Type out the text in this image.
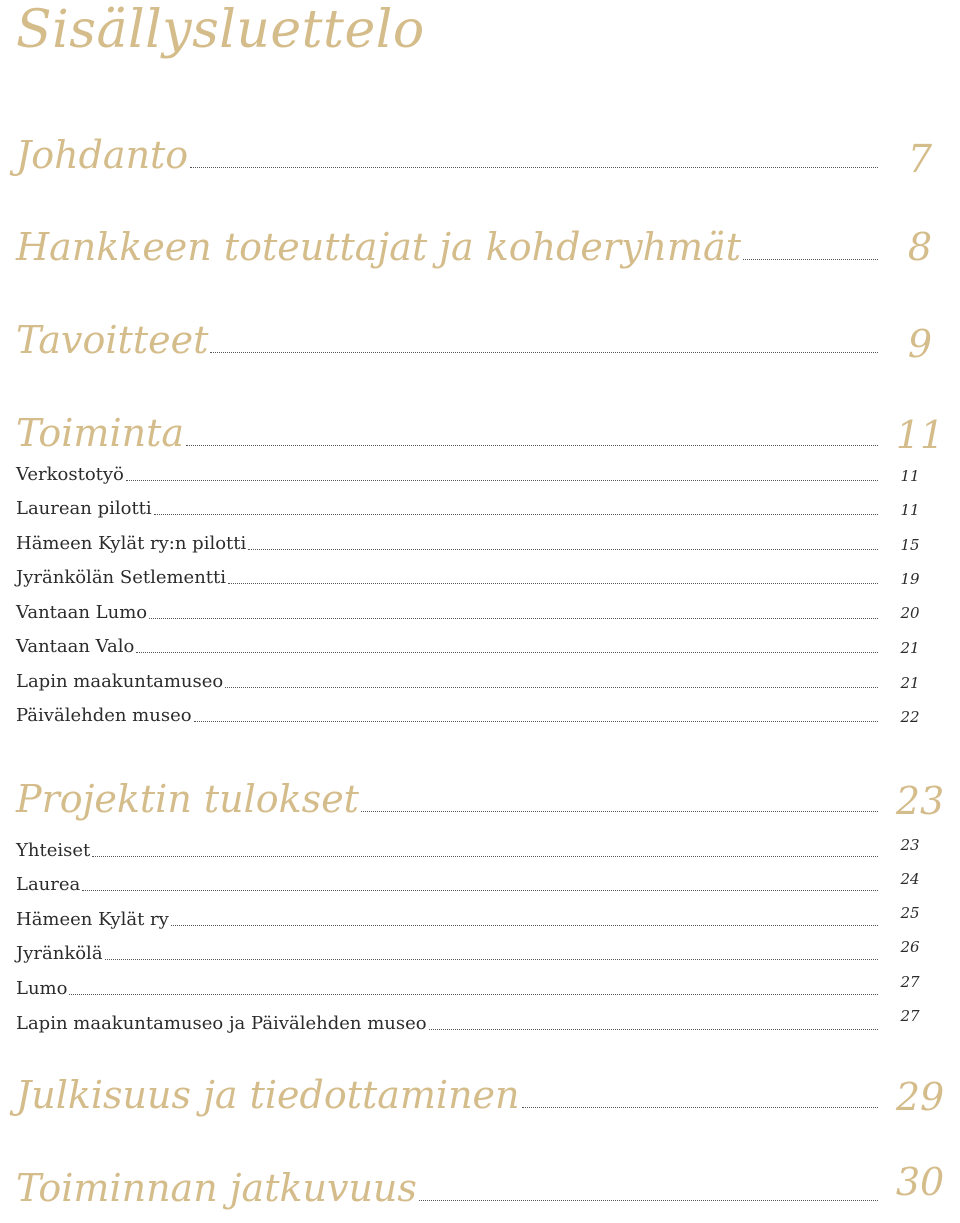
Sisällysluettelo
Johdanto	7
Hankkeen toteuttajat ja kohderyhmät	8
Tavoitteet	9
Toiminta	11
Verkostotyö	11
Laurean pilotti	11
Hämeen Kylät ry:n pilotti	15
Jyränkölän Setlementti	19
Vantaan Lumo	20
Vantaan Valo	21
Lapin maakuntamuseo	21
Päivälehden museo	22
Projektin tulokset	23
Yhteiset	23
Laurea	24
Hämeen Kylät ry	25
Jyränkölä	26
Lumo	27
Lapin maakuntamuseo ja Päivälehden museo	27
Julkisuus ja tiedottaminen	29
Toiminnan jatkuvuus	30
